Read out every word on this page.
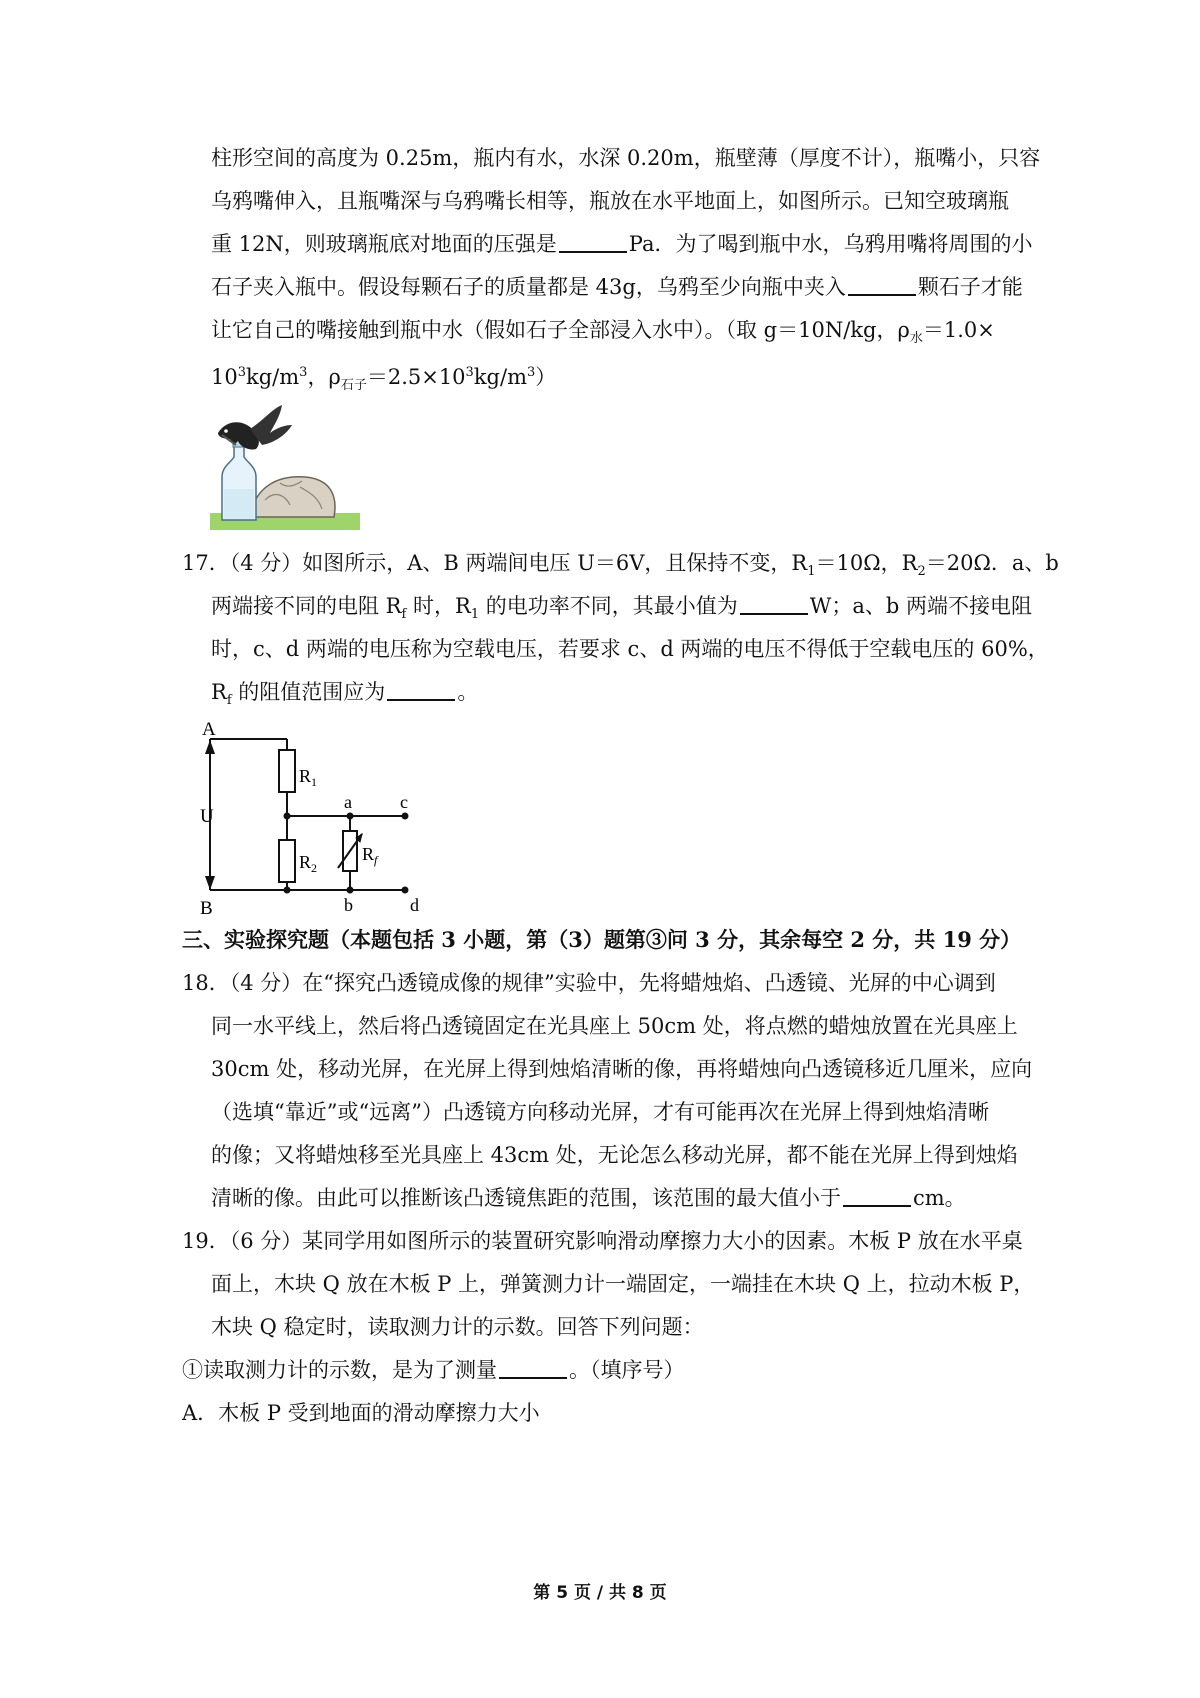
柱形空间的高度为 0.25m，瓶内有水，水深 0.20m，瓶壁薄（厚度不计），瓶嘴小，只容
乌鸦嘴伸入，且瓶嘴深与乌鸦嘴长相等，瓶放在水平地面上，如图所示。已知空玻璃瓶
重 12N，则玻璃瓶底对地面的压强是	Pa．为了喝到瓶中水，乌鸦用嘴将周围的小
石子夹入瓶中。假设每颗石子的质量都是 43g，乌鸦至少向瓶中夹入	颗石子才能
让它自己的嘴接触到瓶中水（假如石子全部浸入水中）。（取 g＝10N/kg，$\rho_水=1.0\times$
$10^3kg/m^3$，$\rho_{石子}=2.5\times 10^3kg/m^3$）
17．（4 分）如图所示，A、B 两端间电压 U＝6V，且保持不变，$R_1=10\Omega$，$R_2=20\Omega$．a、b
两端接不同的电阻 $R_f$ 时，$R_1$ 的电功率不同，其最小值为	W；a、b 两端不接电阻
时，c、d 两端的电压称为空载电压，若要求 c、d 两端的电压不得低于空载电压的 60%，
$R_f$ 的阻值范围应为	。
A
B
U
$R_1$
$R_2$
$R_f$
a
b
c
d
三、实验探究题（本题包括 3 小题，第（3）题第③问 3 分，其余每空 2 分，共 19 分）
18．（4 分）在“探究凸透镜成像的规律”实验中，先将蜡烛焰、凸透镜、光屏的中心调到
同一水平线上，然后将凸透镜固定在光具座上 50cm 处，将点燃的蜡烛放置在光具座上
30cm 处，移动光屏，在光屏上得到烛焰清晰的像，再将蜡烛向凸透镜移近几厘米，应向
（选填“靠近”或“远离”）凸透镜方向移动光屏，才有可能再次在光屏上得到烛焰清晰
的像；又将蜡烛移至光具座上 43cm 处，无论怎么移动光屏，都不能在光屏上得到烛焰
清晰的像。由此可以推断该凸透镜焦距的范围，该范围的最大值小于	cm。
19．（6 分）某同学用如图所示的装置研究影响滑动摩擦力大小的因素。木板 P 放在水平桌
面上，木块 Q 放在木板 P 上，弹簧测力计一端固定，一端挂在木块 Q 上，拉动木板 P，
木块 Q 稳定时，读取测力计的示数。回答下列问题：
①读取测力计的示数，是为了测量	。（填序号）
A．木板 P 受到地面的滑动摩擦力大小
第 5 页 / 共 8 页
